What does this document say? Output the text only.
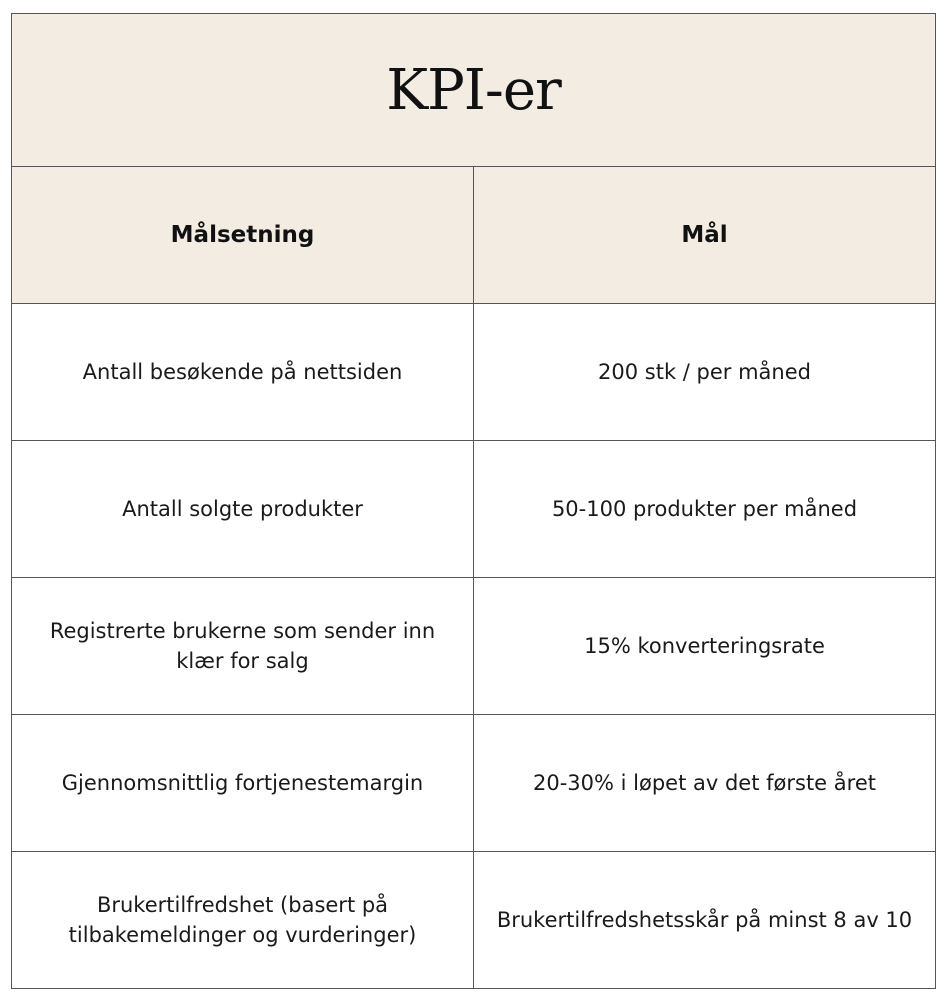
KPI-er	
Målsetning	Mål
Antall besøkende på nettsiden	200 stk / per måned
Antall solgte produkter	50-100 produkter per måned
Registrerte brukerne som sender inn klær for salg	15% konverteringsrate
Gjennomsnittlig fortjenestemargin	20-30% i løpet av det første året
Brukertilfredshet (basert på tilbakemeldinger og vurderinger)	Brukertilfredshetsskår på minst 8 av 10
